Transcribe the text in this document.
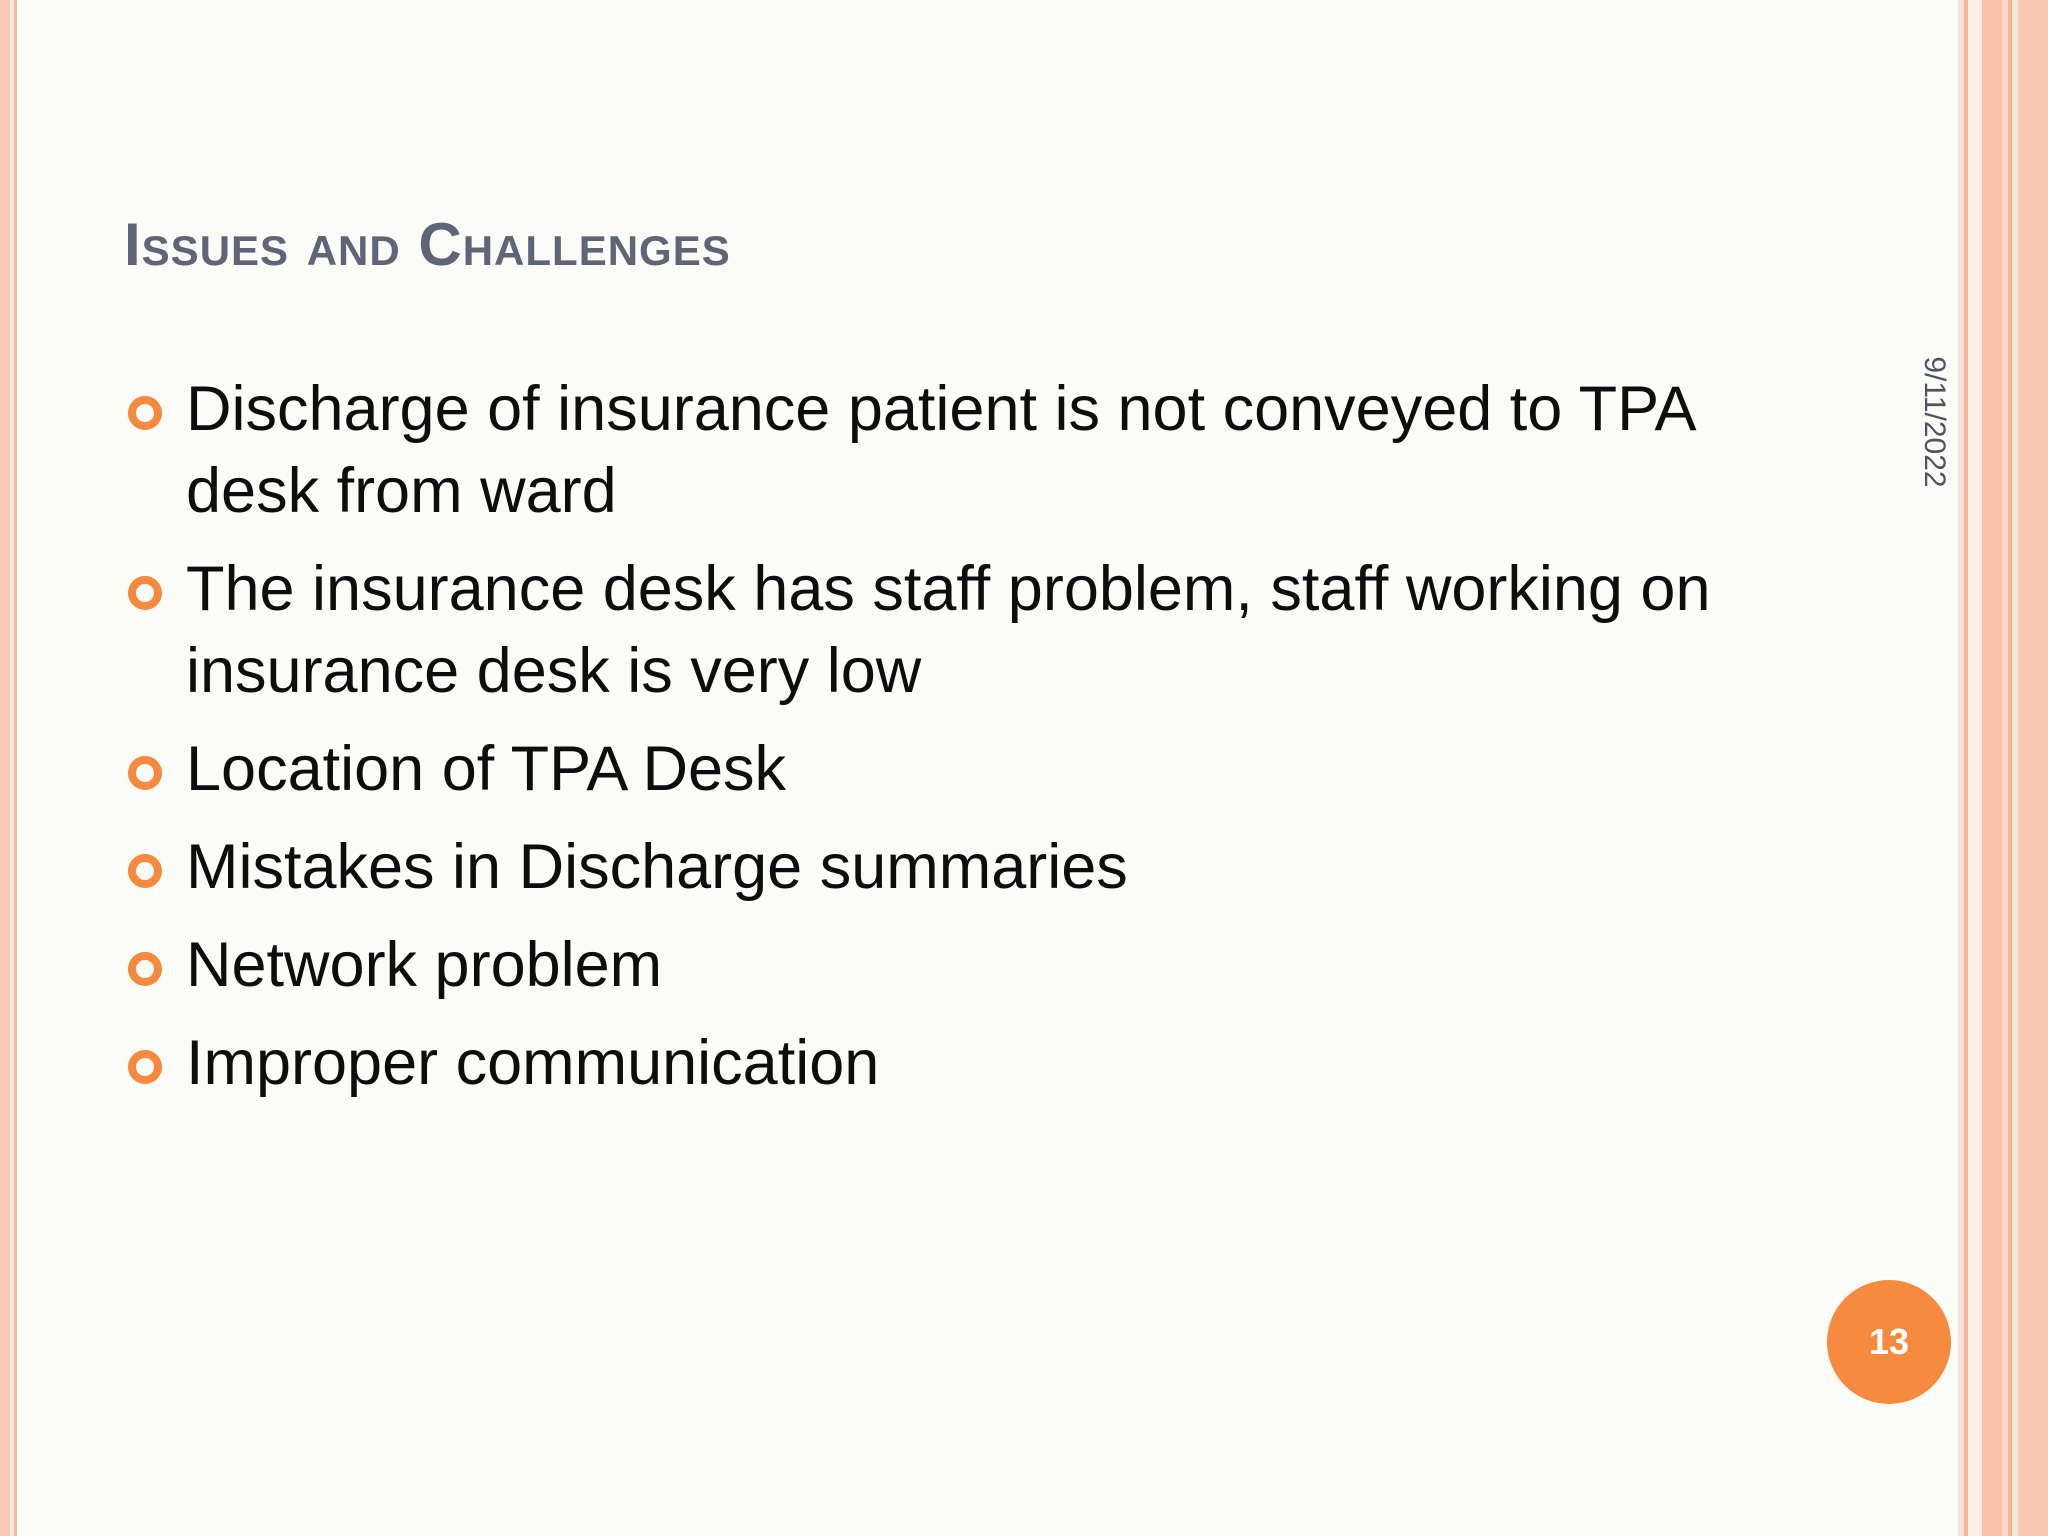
Issues and Challenges
Discharge of insurance patient is not conveyed to TPA desk from ward
The insurance desk has staff problem, staff working on insurance desk is very low
Location of TPA Desk
Mistakes in Discharge summaries
Network problem
Improper communication
9/11/2022
13
